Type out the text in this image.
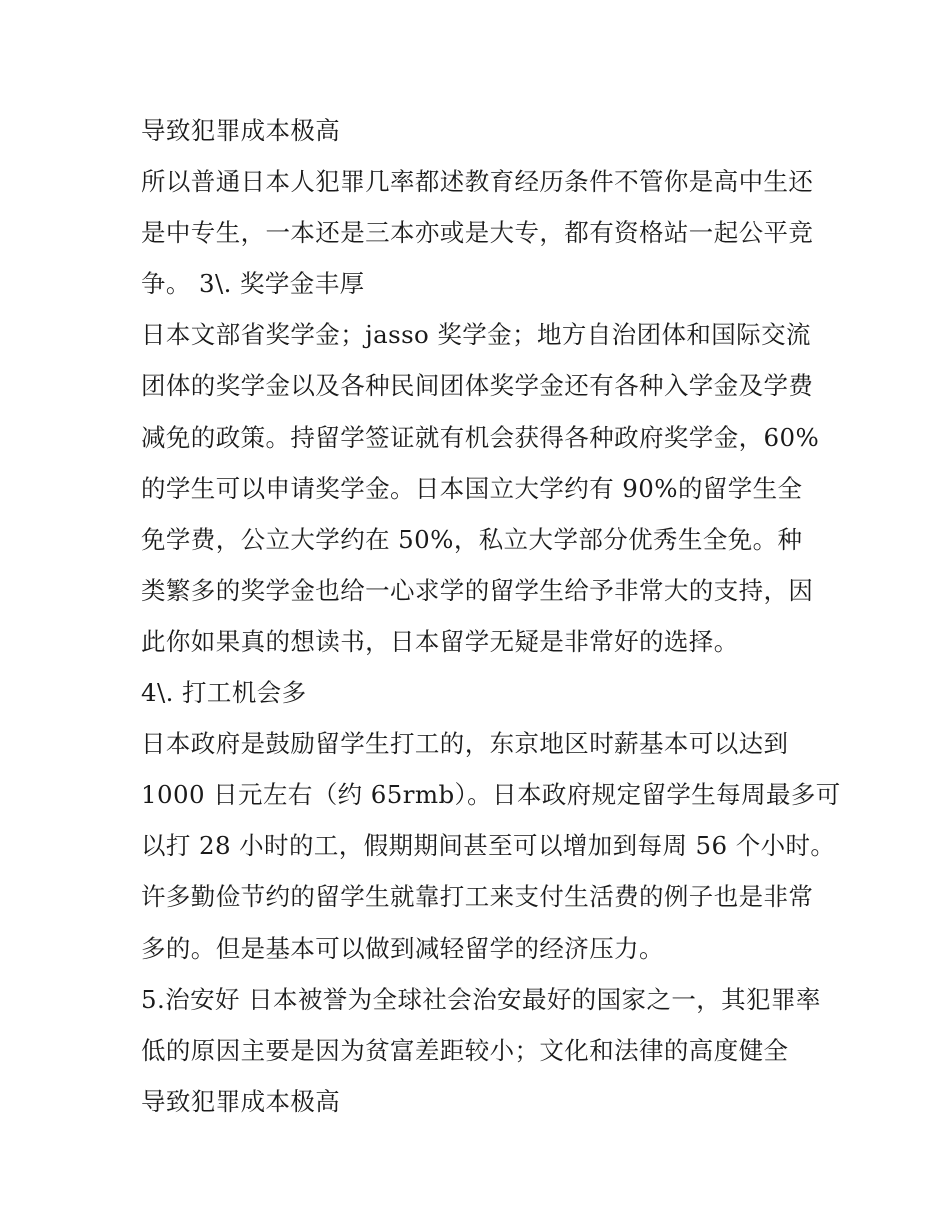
导致犯罪成本极高
所以普通日本人犯罪几率都述教育经历条件不管你是高中生还
是中专生，一本还是三本亦或是大专，都有资格站一起公平竞
争。 3\. 奖学金丰厚
日本文部省奖学金；jasso 奖学金；地方自治团体和国际交流
团体的奖学金以及各种民间团体奖学金还有各种入学金及学费
减免的政策。持留学签证就有机会获得各种政府奖学金，60%
的学生可以申请奖学金。日本国立大学约有 90%的留学生全
免学费，公立大学约在 50%，私立大学部分优秀生全免。种
类繁多的奖学金也给一心求学的留学生给予非常大的支持，因
此你如果真的想读书，日本留学无疑是非常好的选择。
4\. 打工机会多
日本政府是鼓励留学生打工的，东京地区时薪基本可以达到
1000 日元左右（约 65rmb）。日本政府规定留学生每周最多可
以打 28 小时的工，假期期间甚至可以增加到每周 56 个小时。
许多勤俭节约的留学生就靠打工来支付生活费的例子也是非常
多的。但是基本可以做到减轻留学的经济压力。
5.治安好 日本被誉为全球社会治安最好的国家之一，其犯罪率
低的原因主要是因为贫富差距较小；文化和法律的高度健全
导致犯罪成本极高
